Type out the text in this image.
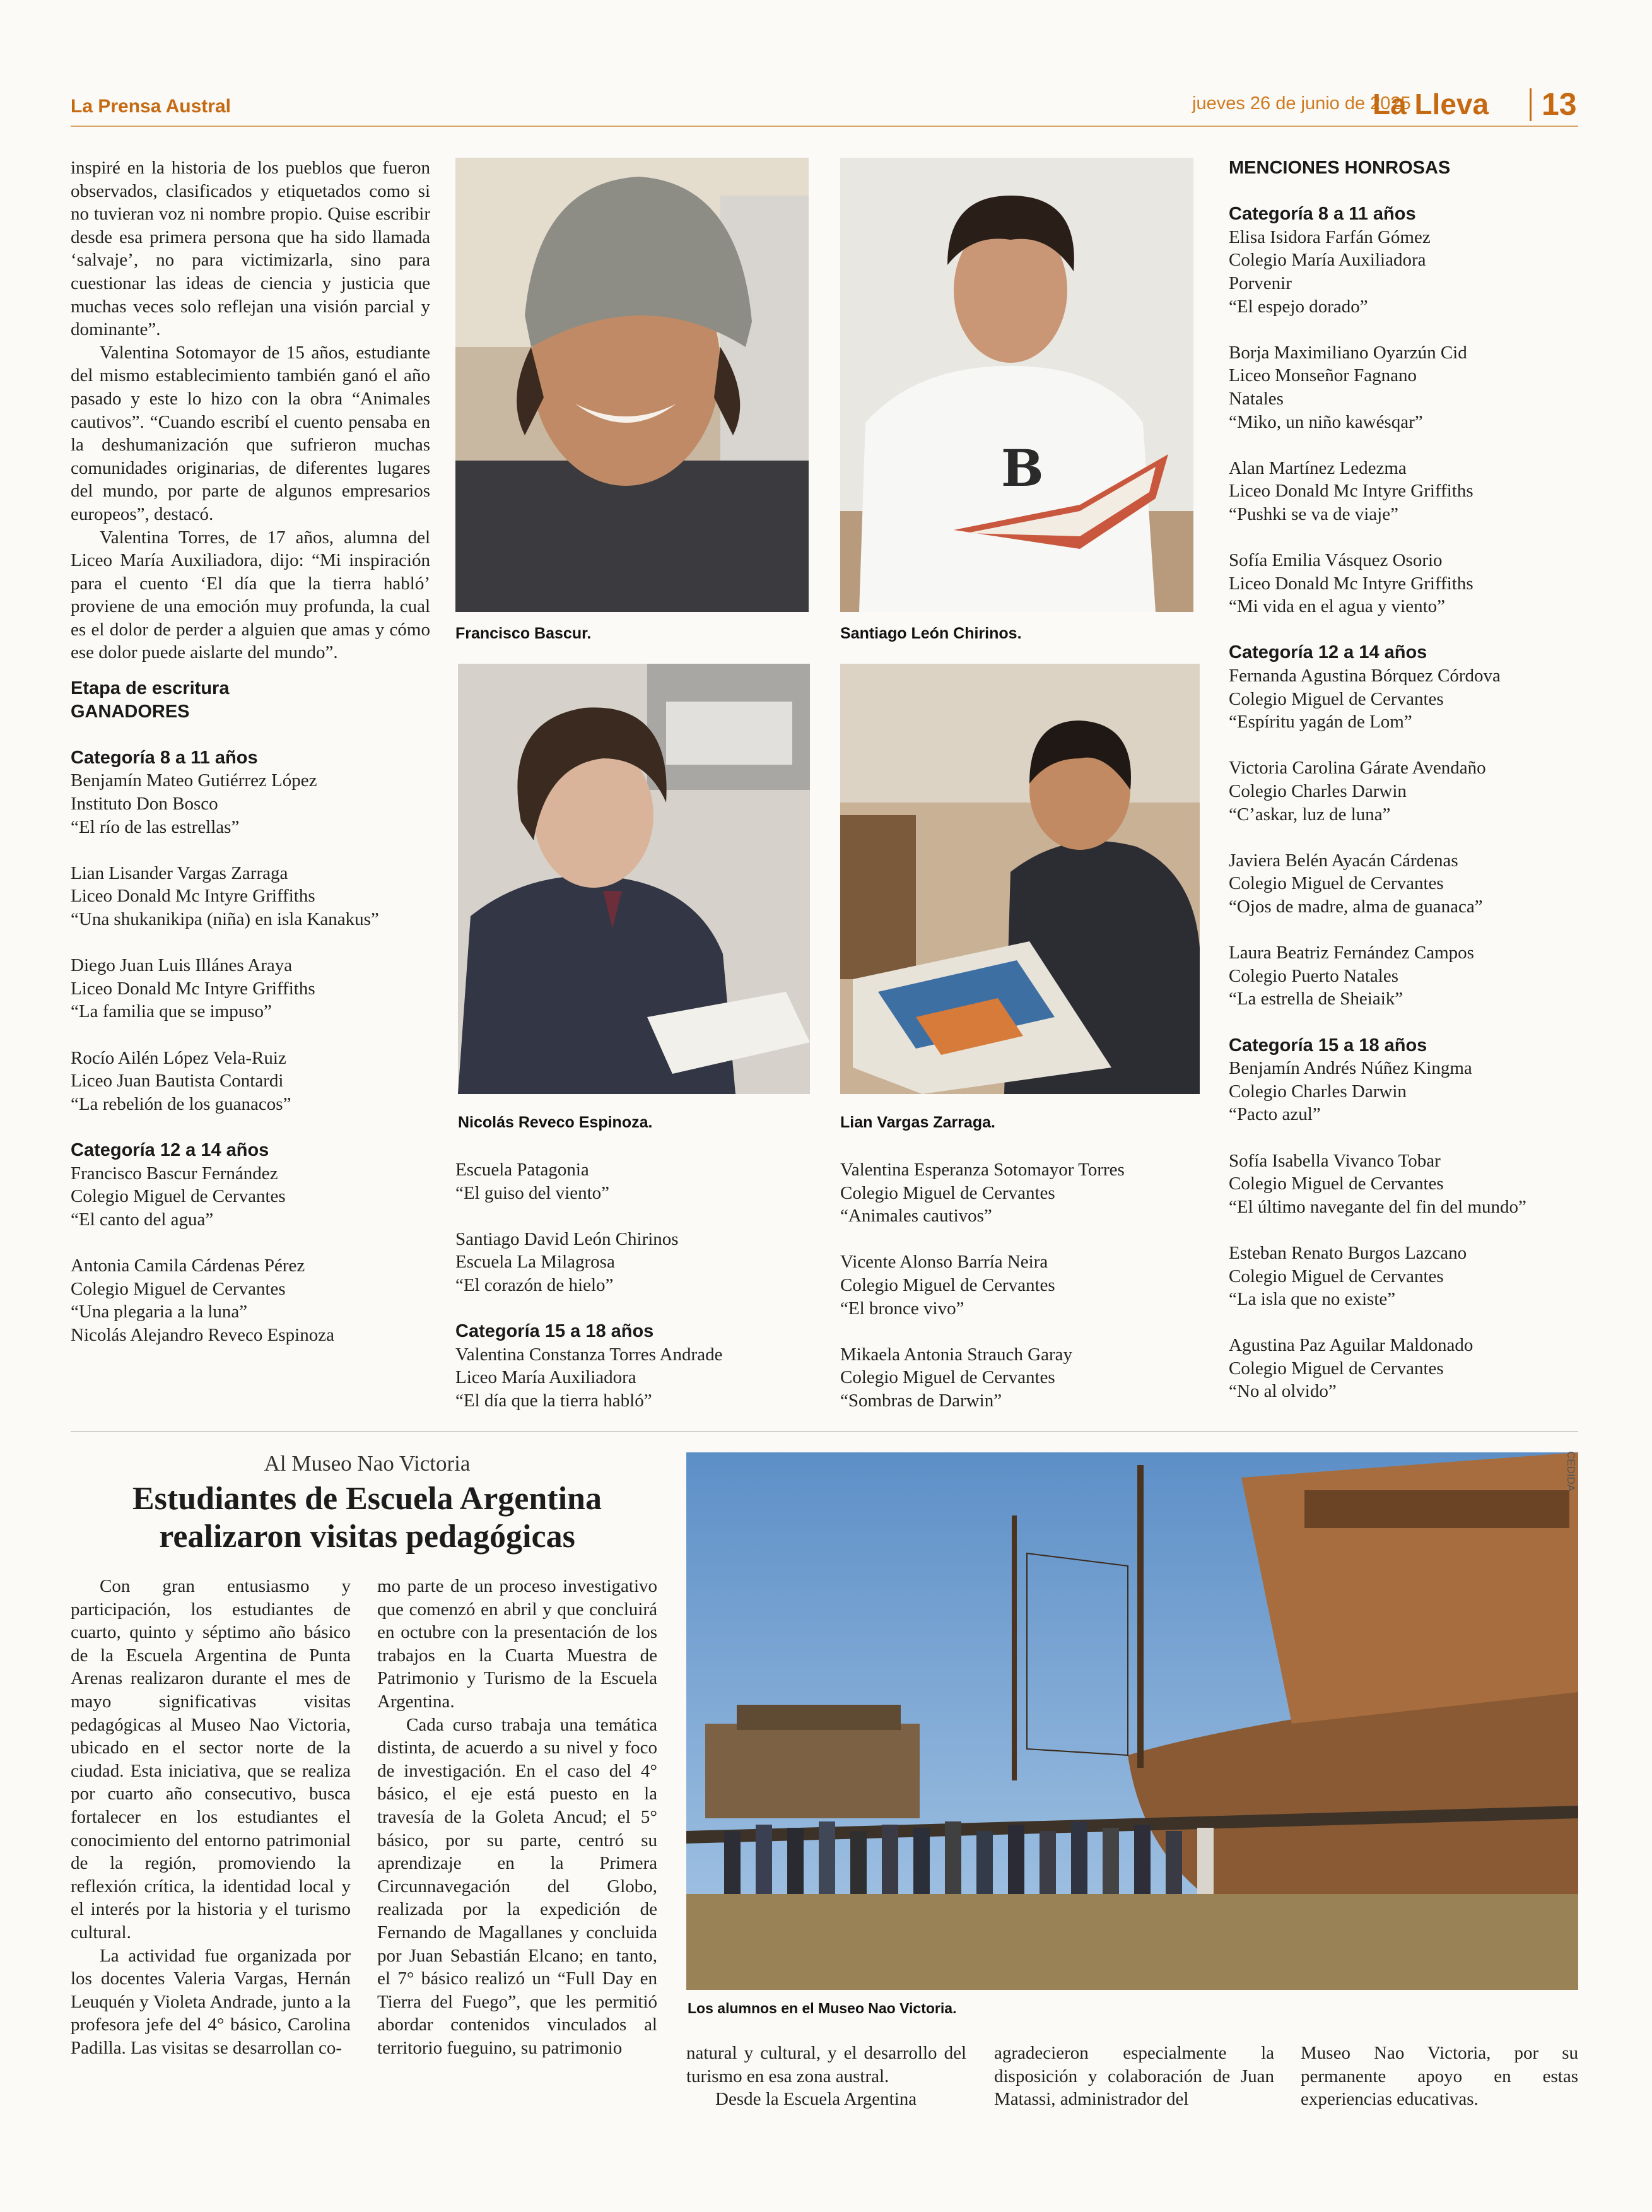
La Prensa Austral	jueves 26 de junio de 2025
La Lleva 13

inspiré en la historia de los pueblos que fueron observados, clasificados y etiquetados como si no tuvieran voz ni nombre propio. Quise escribir desde esa primera persona que ha sido llamada ‘salvaje’, no para victimizarla, sino para cuestionar las ideas de ciencia y justicia que muchas veces solo reflejan una visión parcial y dominante”.

Valentina Sotomayor de 15 años, estudiante del mismo establecimiento también ganó el año pasado y este lo hizo con la obra “Animales cautivos”. “Cuando escribí el cuento pensaba en la deshumanización que sufrieron muchas comunidades originarias, de diferentes lugares del mundo, por parte de algunos empresarios europeos”, destacó.

Valentina Torres, de 17 años, alumna del Liceo María Auxiliadora, dijo: “Mi inspiración para el cuento ‘El día que la tierra habló’ proviene de una emoción muy profunda, la cual es el dolor de perder a alguien que amas y cómo ese dolor puede aislarte del mundo”.

Etapa de escritura
GANADORES
Categoría 8 a 11 años
Benjamín Mateo Gutiérrez López
Instituto Don Bosco
“El río de las estrellas”
Lian Lisander Vargas Zarraga
Liceo Donald Mc Intyre Griffiths
“Una shukanikipa (niña) en isla Kanakus”
Diego Juan Luis Illánes Araya
Liceo Donald Mc Intyre Griffiths
“La familia que se impuso”
Rocío Ailén López Vela-Ruiz
Liceo Juan Bautista Contardi
“La rebelión de los guanacos”
Categoría 12 a 14 años
Francisco Bascur Fernández
Colegio Miguel de Cervantes
“El canto del agua”
Antonia Camila Cárdenas Pérez
Colegio Miguel de Cervantes
“Una plegaria a la luna”
Nicolás Alejandro Reveco Espinoza
Francisco Bascur.
B
Santiago León Chirinos.
Nicolás Reveco Espinoza.	Lian Vargas Zarraga.
Escuela Patagonia
“El guiso del viento”
Santiago David León Chirinos
Escuela La Milagrosa
“El corazón de hielo”
Categoría 15 a 18 años
Valentina Constanza Torres Andrade
Liceo María Auxiliadora
“El día que la tierra habló”
Valentina Esperanza Sotomayor Torres
Colegio Miguel de Cervantes
“Animales cautivos”
Vicente Alonso Barría Neira
Colegio Miguel de Cervantes
“El bronce vivo”
Mikaela Antonia Strauch Garay
Colegio Miguel de Cervantes
“Sombras de Darwin”
MENCIONES HONROSAS
Categoría 8 a 11 años
Elisa Isidora Farfán Gómez
Colegio María Auxiliadora
Porvenir
“El espejo dorado”
Borja Maximiliano Oyarzún Cid
Liceo Monseñor Fagnano
Natales
“Miko, un niño kawésqar”
Alan Martínez Ledezma
Liceo Donald Mc Intyre Griffiths
“Pushki se va de viaje”
Sofía Emilia Vásquez Osorio
Liceo Donald Mc Intyre Griffiths
“Mi vida en el agua y viento”
Categoría 12 a 14 años
Fernanda Agustina Bórquez Córdova
Colegio Miguel de Cervantes
“Espíritu yagán de Lom”
Victoria Carolina Gárate Avendaño
Colegio Charles Darwin
“C’askar, luz de luna”
Javiera Belén Ayacán Cárdenas
Colegio Miguel de Cervantes
“Ojos de madre, alma de guanaca”
Laura Beatriz Fernández Campos
Colegio Puerto Natales
“La estrella de Sheiaik”
Categoría 15 a 18 años
Benjamín Andrés Núñez Kingma
Colegio Charles Darwin
“Pacto azul”
Sofía Isabella Vivanco Tobar
Colegio Miguel de Cervantes
“El último navegante del fin del mundo”
Esteban Renato Burgos Lazcano
Colegio Miguel de Cervantes
“La isla que no existe”
Agustina Paz Aguilar Maldonado
Colegio Miguel de Cervantes
“No al olvido”
Al Museo Nao Victoria
Estudiantes de Escuela Argentina realizaron visitas pedagógicas

Con gran entusiasmo y participación, los estudiantes de cuarto, quinto y séptimo año básico de la Escuela Argentina de Punta Arenas realizaron durante el mes de mayo significativas visitas pedagógicas al Museo Nao Victoria, ubicado en el sector norte de la ciudad. Esta iniciativa, que se realiza por cuarto año consecutivo, busca fortalecer en los estudiantes el conocimiento del entorno patrimonial de la región, promoviendo la reflexión crítica, la identidad local y el interés por la historia y el turismo cultural.

La actividad fue organizada por los docentes Valeria Vargas, Hernán Leuquén y Violeta Andrade, junto a la profesora jefe del 4° básico, Carolina Padilla. Las visitas se desarrollan co-

mo parte de un proceso investigativo que comenzó en abril y que concluirá en octubre con la presentación de los trabajos en la Cuarta Muestra de Patrimonio y Turismo de la Escuela Argentina.

Cada curso trabaja una temática distinta, de acuerdo a su nivel y foco de investigación. En el caso del 4° básico, el eje está puesto en la travesía de la Goleta Ancud; el 5° básico, por su parte, centró su aprendizaje en la Primera Circunnavegación del Globo, realizada por la expedición de Fernando de Magallanes y concluida por Juan Sebastián Elcano; en tanto, el 7° básico realizó un “Full Day en Tierra del Fuego”, que les permitió abordar contenidos vinculados al territorio fueguino, su patrimonio

CEDIDA
Los alumnos en el Museo Nao Victoria.

natural y cultural, y el desarrollo del turismo en esa zona austral.

Desde la Escuela Argentina

agradecieron especialmente la disposición y colaboración de Juan Matassi, administrador del

Museo Nao Victoria, por su permanente apoyo en estas experiencias educativas.
